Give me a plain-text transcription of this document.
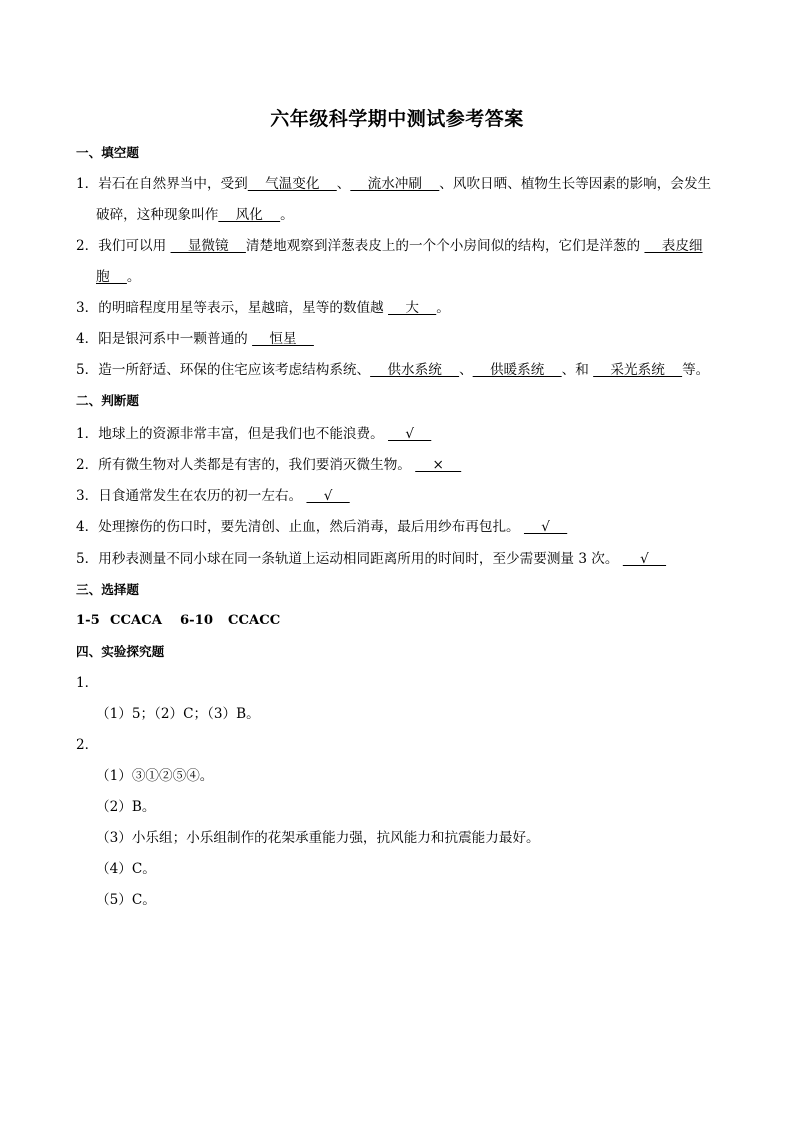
六年级科学期中测试参考答案
一、填空题
1．岩石在自然界当中，受到    气温变化    、    流水冲刷    、风吹日晒、植物生长等因素的影响，会发生
破碎，这种现象叫作    风化    。
2．我们可以用     显微镜    清楚地观察到洋葱表皮上的一个个小房间似的结构，它们是洋葱的     表皮细
胞    。
3．的明暗程度用星等表示，星越暗，星等的数值越     大    。
4．阳是银河系中一颗普通的     恒星
5．造一所舒适、环保的住宅应该考虑结构系统、    供水系统    、    供暖系统    、和     采光系统    等。
二、判断题
1．地球上的资源非常丰富，但是我们也不能浪费。     √
2．所有微生物对人类都是有害的，我们要消灭微生物。     ×
3．日食通常发生在农历的初一左右。     √
4．处理擦伤的伤口时，要先清创、止血，然后消毒，最后用纱布再包扎。     √
5．用秒表测量不同小球在同一条轨道上运动相同距离所用的时间时，至少需要测量 3 次。     √
三、选择题
1-5 CCACA 6-10 CCACC
四、实验探究题
1．
（1）5；（2）C；（3）B。
2．
（1）③①②⑤④。
（2）B。
（3）小乐组；小乐组制作的花架承重能力强，抗风能力和抗震能力最好。
（4）C。
（5）C。
